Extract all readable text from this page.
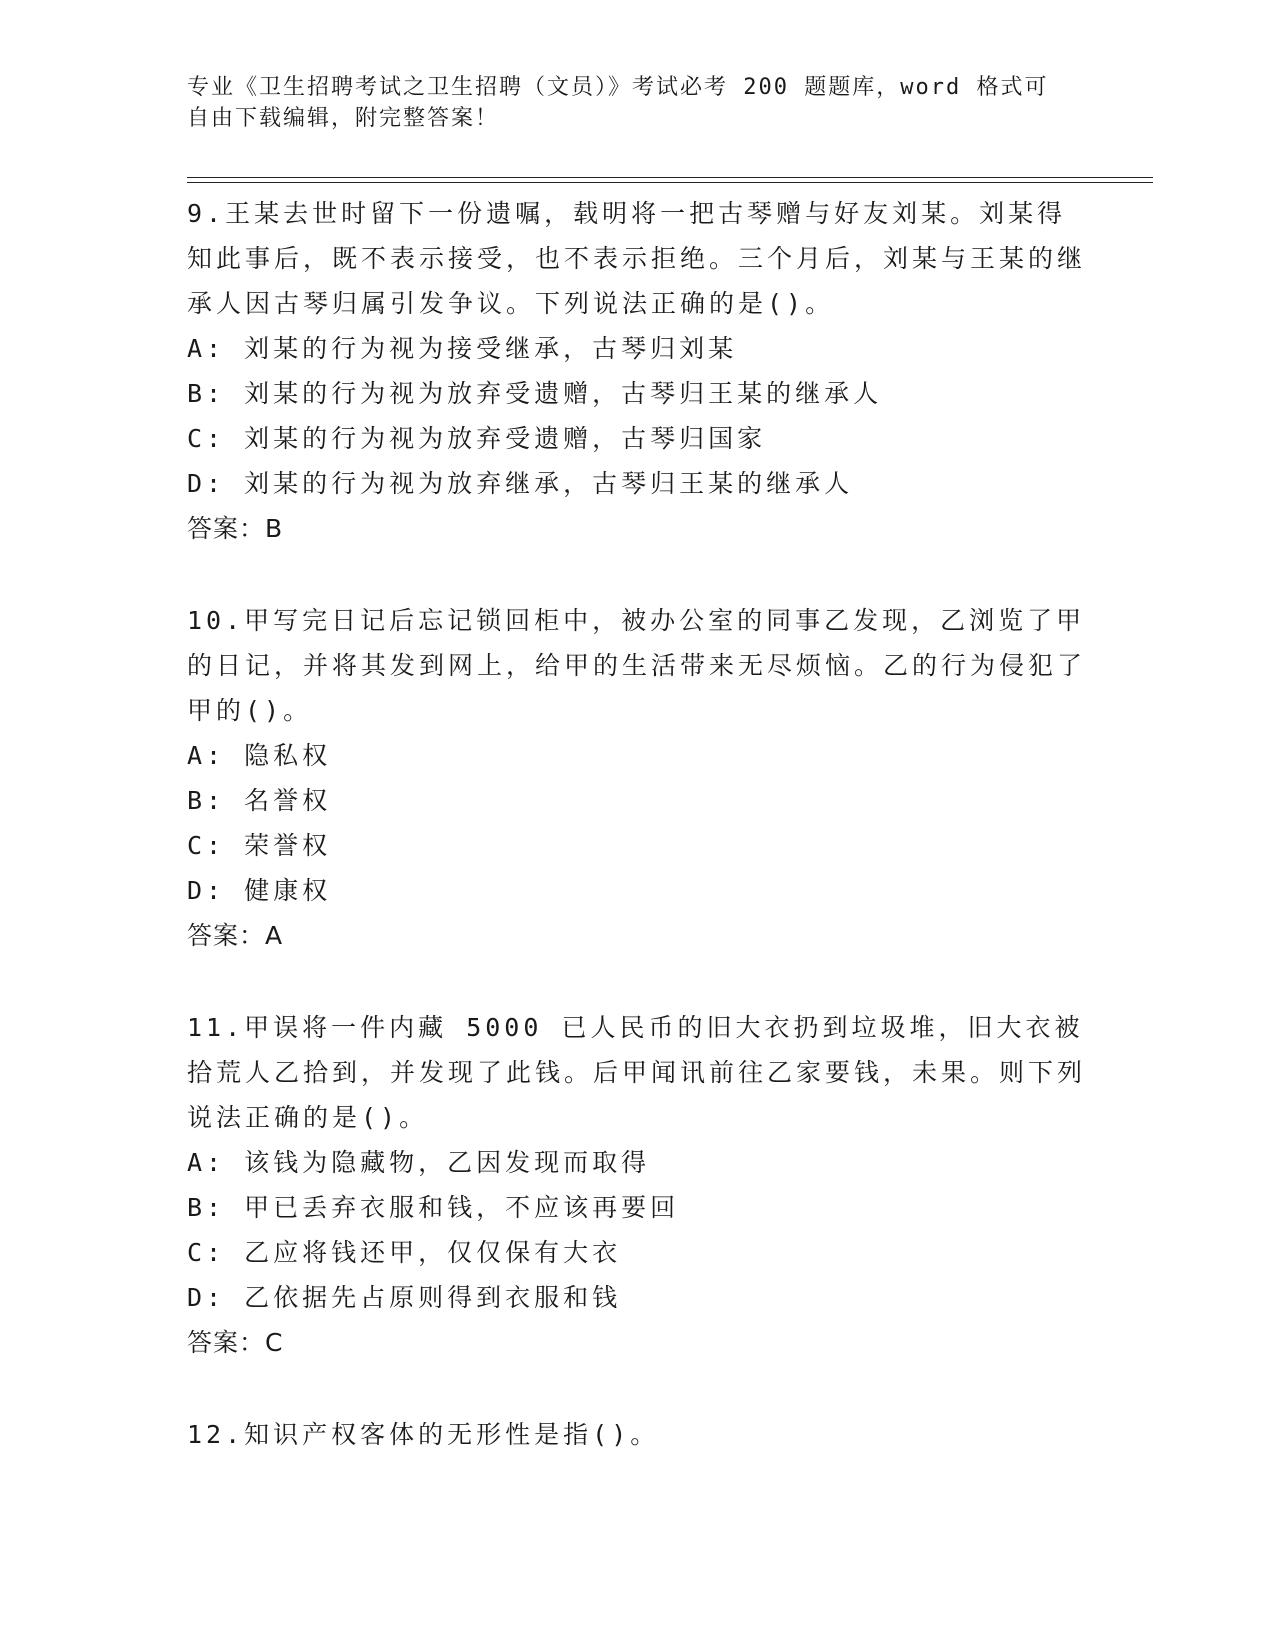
专业《卫生招聘考试之卫生招聘（文员）》考试必考 200 题题库，word 格式可自由下载编辑，附完整答案！

9.王某去世时留下一份遗嘱，载明将一把古琴赠与好友刘某。刘某得知此事后，既不表示接受，也不表示拒绝。三个月后，刘某与王某的继承人因古琴归属引发争议。下列说法正确的是()。

A: 刘某的行为视为接受继承，古琴归刘某

B: 刘某的行为视为放弃受遗赠，古琴归王某的继承人

C: 刘某的行为视为放弃受遗赠，古琴归国家

D: 刘某的行为视为放弃继承，古琴归王某的继承人

答案：B

10.甲写完日记后忘记锁回柜中，被办公室的同事乙发现，乙浏览了甲的日记，并将其发到网上，给甲的生活带来无尽烦恼。乙的行为侵犯了甲的()。

A: 隐私权

B: 名誉权

C: 荣誉权

D: 健康权

答案：A

11.甲误将一件内藏 5000 已人民币的旧大衣扔到垃圾堆，旧大衣被拾荒人乙拾到，并发现了此钱。后甲闻讯前往乙家要钱，未果。则下列说法正确的是()。

A: 该钱为隐藏物，乙因发现而取得

B: 甲已丢弃衣服和钱，不应该再要回

C: 乙应将钱还甲，仅仅保有大衣

D: 乙依据先占原则得到衣服和钱

答案：C

12.知识产权客体的无形性是指()。
